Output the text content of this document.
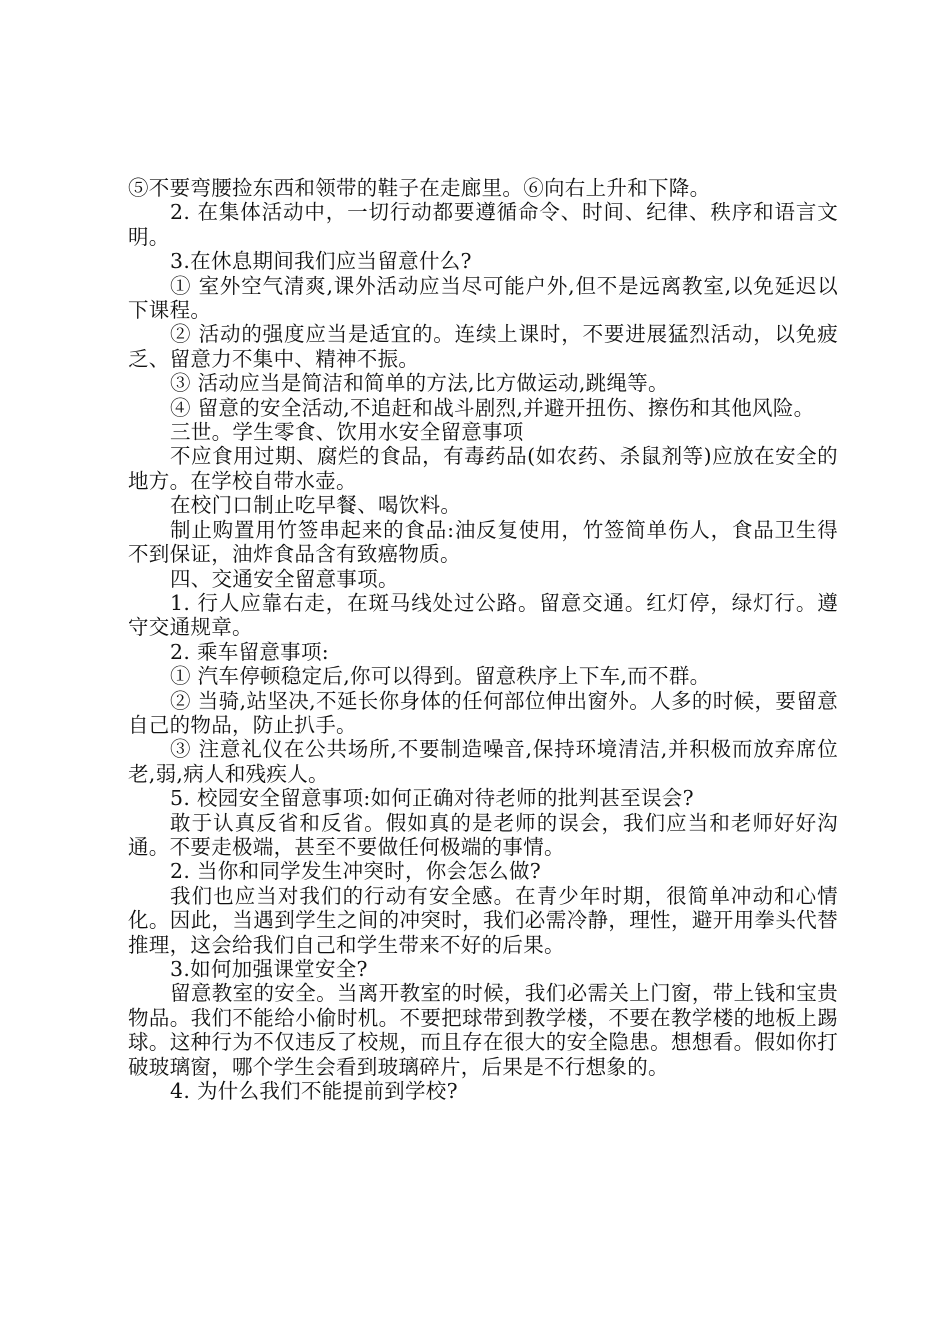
⑤不要弯腰捡东西和领带的鞋子在走廊里。⑥向右上升和下降。

2. 在集体活动中，一切行动都要遵循命令、时间、纪律、秩序和语言文明。

3.在休息期间我们应当留意什么?

① 室外空气清爽,课外活动应当尽可能户外,但不是远离教室,以免延迟以下课程。

② 活动的强度应当是适宜的。连续上课时，不要进展猛烈活动，以免疲乏、留意力不集中、精神不振。

③ 活动应当是简洁和简单的方法,比方做运动,跳绳等。

④ 留意的安全活动,不追赶和战斗剧烈,并避开扭伤、擦伤和其他风险。

三世。学生零食、饮用水安全留意事项

不应食用过期、腐烂的食品，有毒药品(如农药、杀鼠剂等)应放在安全的地方。在学校自带水壶。

在校门口制止吃早餐、喝饮料。

制止购置用竹签串起来的食品:油反复使用，竹签简单伤人，食品卫生得不到保证，油炸食品含有致癌物质。

四、交通安全留意事项。

1. 行人应靠右走，在斑马线处过公路。留意交通。红灯停，绿灯行。遵守交通规章。

2. 乘车留意事项:

① 汽车停顿稳定后,你可以得到。留意秩序上下车,而不群。

② 当骑,站坚决,不延长你身体的任何部位伸出窗外。人多的时候，要留意自己的物品，防止扒手。

③ 注意礼仪在公共场所,不要制造噪音,保持环境清洁,并积极而放弃席位老,弱,病人和残疾人。

5. 校园安全留意事项:如何正确对待老师的批判甚至误会?

敢于认真反省和反省。假如真的是老师的误会，我们应当和老师好好沟通。不要走极端，甚至不要做任何极端的事情。

2. 当你和同学发生冲突时，你会怎么做?

我们也应当对我们的行动有安全感。在青少年时期，很简单冲动和心情化。因此，当遇到学生之间的冲突时，我们必需冷静，理性，避开用拳头代替推理，这会给我们自己和学生带来不好的后果。

3.如何加强课堂安全?

留意教室的安全。当离开教室的时候，我们必需关上门窗，带上钱和宝贵物品。我们不能给小偷时机。不要把球带到教学楼，不要在教学楼的地板上踢球。这种行为不仅违反了校规，而且存在很大的安全隐患。想想看。假如你打破玻璃窗，哪个学生会看到玻璃碎片，后果是不行想象的。

4. 为什么我们不能提前到学校?
